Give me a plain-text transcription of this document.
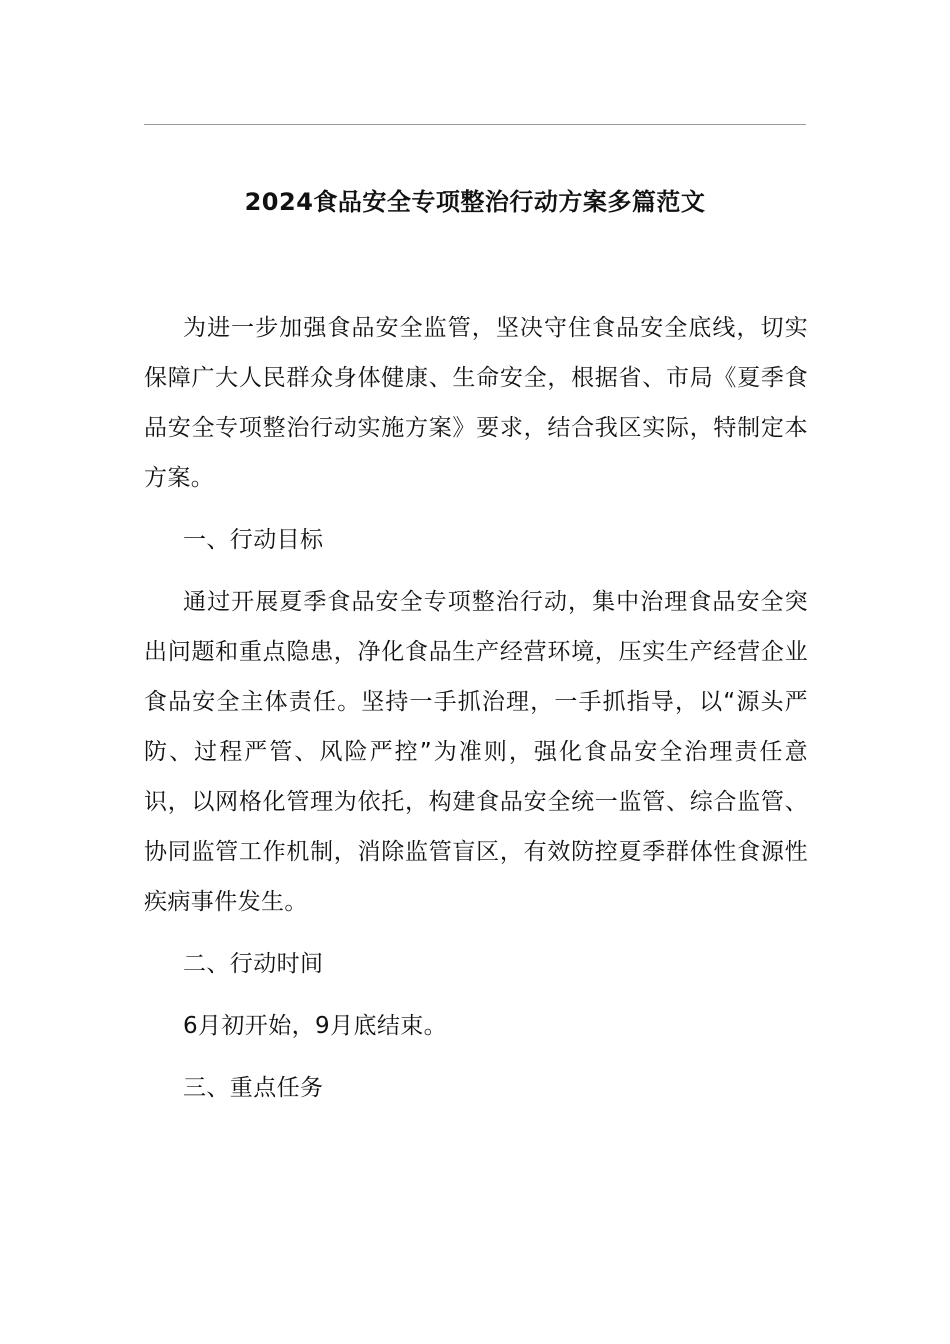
2024食品安全专项整治行动方案多篇范文

为进一步加强食品安全监管，坚决守住食品安全底线，切实保障广大人民群众身体健康、生命安全，根据省、市局《夏季食品安全专项整治行动实施方案》要求，结合我区实际，特制定本方案。

一、行动目标

通过开展夏季食品安全专项整治行动，集中治理食品安全突出问题和重点隐患，净化食品生产经营环境，压实生产经营企业食品安全主体责任。坚持一手抓治理，一手抓指导，以“源头严防、过程严管、风险严控”为准则，强化食品安全治理责任意识，以网格化管理为依托，构建食品安全统一监管、综合监管、协同监管工作机制，消除监管盲区，有效防控夏季群体性食源性疾病事件发生。

二、行动时间

6月初开始，9月底结束。

三、重点任务
